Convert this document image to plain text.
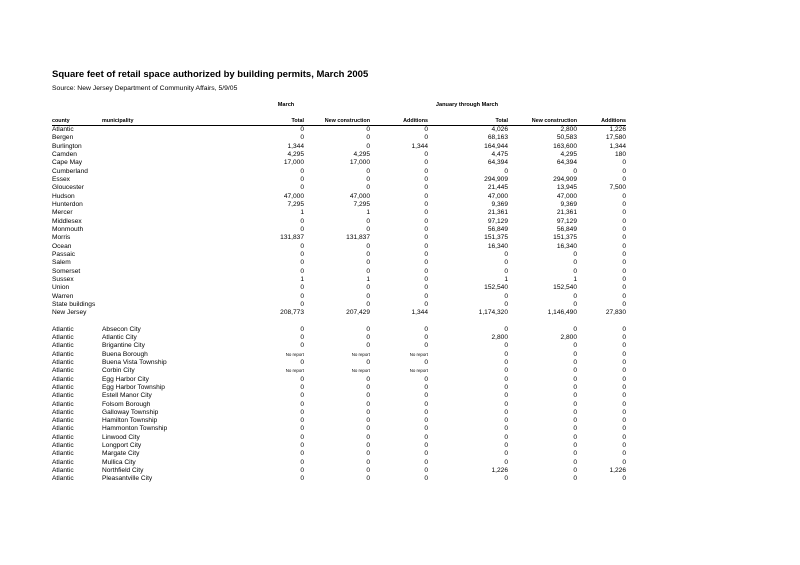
Square feet of retail space authorized by building permits, March 2005
Source: New Jersey Department of Community Affairs, 5/9/05
March	January through March
county	municipality	Total	New construction	Additions	Total	New construction	Additions
Atlantic		0	0	0	4,026	2,800	1,226
Bergen		0	0	0	68,163	50,583	17,580
Burlington		1,344	0	1,344	164,944	163,600	1,344
Camden		4,295	4,295	0	4,475	4,295	180
Cape May		17,000	17,000	0	64,394	64,394	0
Cumberland		0	0	0	0	0	0
Essex		0	0	0	294,909	294,909	0
Gloucester		0	0	0	21,445	13,945	7,500
Hudson		47,000	47,000	0	47,000	47,000	0
Hunterdon		7,295	7,295	0	9,369	9,369	0
Mercer		1	1	0	21,361	21,361	0
Middlesex		0	0	0	97,129	97,129	0
Monmouth		0	0	0	56,849	56,849	0
Morris		131,837	131,837	0	151,375	151,375	0
Ocean		0	0	0	16,340	16,340	0
Passaic		0	0	0	0	0	0
Salem		0	0	0	0	0	0
Somerset		0	0	0	0	0	0
Sussex		1	1	0	1	1	0
Union		0	0	0	152,540	152,540	0
Warren		0	0	0	0	0	0
State buildings		0	0	0	0	0	0
New Jersey		208,773	207,429	1,344	1,174,320	1,146,490	27,830

Atlantic	Absecon City	0	0	0	0	0	0
Atlantic	Atlantic City	0	0	0	2,800	2,800	0
Atlantic	Brigantine City	0	0	0	0	0	0
Atlantic	Buena Borough	No report	No report	No report	0	0	0
Atlantic	Buena Vista Township	0	0	0	0	0	0
Atlantic	Corbin City	No report	No report	No report	0	0	0
Atlantic	Egg Harbor City	0	0	0	0	0	0
Atlantic	Egg Harbor Township	0	0	0	0	0	0
Atlantic	Estell Manor City	0	0	0	0	0	0
Atlantic	Folsom Borough	0	0	0	0	0	0
Atlantic	Galloway Township	0	0	0	0	0	0
Atlantic	Hamilton Township	0	0	0	0	0	0
Atlantic	Hammonton Township	0	0	0	0	0	0
Atlantic	Linwood City	0	0	0	0	0	0
Atlantic	Longport City	0	0	0	0	0	0
Atlantic	Margate City	0	0	0	0	0	0
Atlantic	Mullica City	0	0	0	0	0	0
Atlantic	Northfield City	0	0	0	1,226	0	1,226
Atlantic	Pleasantville City	0	0	0	0	0	0
